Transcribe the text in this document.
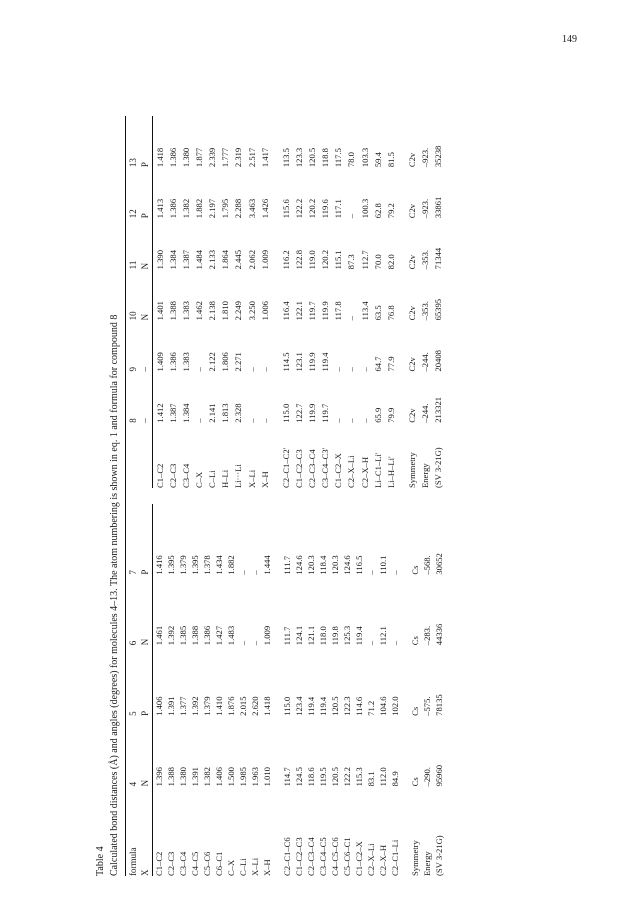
149

Table 4 Calculated bond distances (Å) and angles (degrees) for molecules 4–13. The atom numbering is shown in eq. 1 and formula for compound 8 formula	4	5	6	7
X	N	P	N	P

C1–C2	1.396	1.406	1.461	1.416
C2–C3	1.388	1.391	1.392	1.395
C3–C4	1.380	1.377	1.385	1.379
C4–C5	1.391	1.392	1.388	1.395
C5–C6	1.382	1.379	1.386	1.378
C6–C1	1.406	1.410	1.427	1.434
C–X	1.500	1.876	1.483	1.882
C–Li	1.985	2.015	–	–
X–Li	1.963	2.620	–	–
X–H	1.010	1.418	1.009	1.444

C2–C1–C6	114.7	115.0	111.7	111.7
C1–C2–C3	124.5	123.4	124.1	124.6
C2–C3–C4	118.6	119.4	121.1	120.3
C3–C4–C5	119.5	119.4	118.0	118.4
C4–C5–C6	120.5	120.5	119.8	120.3
C5–C6–C1	122.2	122.3	125.3	124.6
C1–C2–X	115.3	114.6	119.4	116.5
C2–X–Li	83.1	71.2	–	–
C2–X–H	112.0	104.6	112.1	110.1
C2–C1–Li	84.9	102.0	–	–

Symmetry	Cs	Cs	Cs	Cs
Energy	–290.	–575.	–283.	–568.
(SV 3-21G)	95960	78135	44336	30652
	8	9	10	11	12	13
	–	–	N	N	P	P

C1–C2	1.412	1.409	1.401	1.390	1.413	1.418
C2–C3	1.387	1.386	1.388	1.384	1.386	1.386
C3–C4	1.384	1.383	1.383	1.387	1.382	1.380
C–X	–	–	1.462	1.484	1.882	1.877
C–Li	2.141	2.122	2.138	2.133	2.197	2.339
H–Li	1.813	1.806	1.810	1.864	1.795	1.777
Li···Li	2.328	2.271	2.249	2.445	2.288	2.319
X–Li	–	–	3.250	2.062	3.463	2.517
X–H	–	–	1.006	1.009	1.426	1.417

C2–C1–C2'	115.0	114.5	116.4	116.2	115.6	113.5
C1–C2–C3	122.7	123.1	122.1	122.8	122.2	123.3
C2–C3–C4	119.9	119.9	119.7	119.0	120.2	120.5
C3–C4–C3'	119.7	119.4	119.9	120.2	119.6	118.8
C1–C2–X	–	–	117.8	115.1	117.1	117.5
C2–X–Li	–	–	–	87.3	–	78.0
C2–X–H	–	–	113.4	112.7	100.3	103.3
Li–C1–Li'	65.9	64.7	63.5	70.0	62.8	59.4
Li–H–Li'	79.9	77.9	76.8	82.0	79.2	81.5

Symmetry	C2v	C2v	C2v	C2v	C2v	C2v
Energy	–244.	–244.	–353.	–353.	–923.	–923.
(SV 3-21G)	213321	20408	65395	71344	33861	35238
